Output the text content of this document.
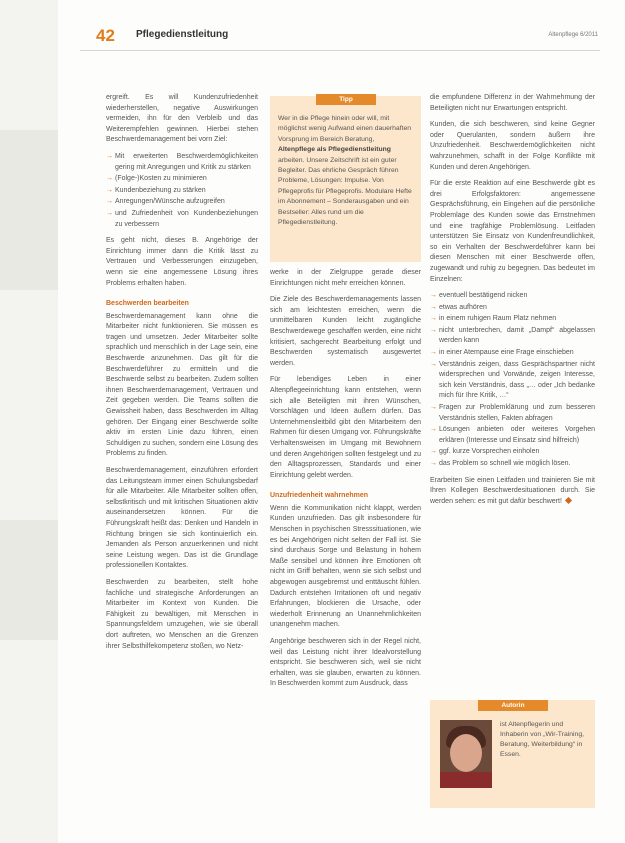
42 Pflegedienstleitung	Altenpflege 6/2011

ergreift. Es will Kundenzufriedenheit wiederherstellen, negative Auswirkungen vermeiden, ihn für den Verbleib und das Weiterempfehlen gewinnen. Hierbei stehen Beschwerdemanagement bei vorn Ziel:

→ Mit erweiterten Beschwerdemöglichkeiten gering mit Anregungen und Kritik zu stärken
→ (Folge-)Kosten zu minimieren
→ Kundenbeziehung zu stärken
→ Anregungen/Wünsche aufzugreifen
→ und Zufriedenheit von Kundenbeziehungen zu verbessern

Es geht nicht, dieses B. Angehörige der Einrichtung immer dann die Kritik lässt zu Vertrauen und Verbesserungen einzugeben, wenn sie eine angemessene Lösung ihres Problems erhalten haben.

Beschwerden bearbeiten

Beschwerdemanagement kann ohne die Mitarbeiter nicht funktionieren. Sie müssen es tragen und umsetzen. Jeder Mitarbeiter sollte sprachlich und menschlich in der Lage sein, eine Beschwerde anzunehmen. Das gilt für die Beschwerdeführer zu ermitteln und die Beschwerde selbst zu bearbeiten. Zudem sollten ihnen Beschwerdemanagement, Vertrauen und Zeit gegeben werden. Die Teams sollten die Gewissheit haben, dass Beschwerden im Alltag gehören. Der Eingang einer Beschwerde sollte aktiv im ersten Linie dazu führen, einen Schuldigen zu suchen, sondern eine Lösung des Problems zu finden.

Beschwerdemanagement, einzuführen erfordert das Leitungsteam immer einen Schulungsbedarf für alle Mitarbeiter. Alle Mitarbeiter sollten offen, selbstkritisch und mit kritischen Situationen aktiv auseinandersetzen können. Für die Führungskraft heißt das: Denken und Handeln in Richtung bringen sie sich kontinuierlich ein. Jemanden als Person anzuerkennen und nicht seine Leistung wegen. Das ist die Grundlage professionellen Kontaktes.

Beschwerden zu bearbeiten, stellt hohe fachliche und strategische Anforderungen an Mitarbeiter im Kontext von Kunden. Die Fähigkeit zu bewältigen, mit Menschen in Spannungsfeldern umzugehen, wie sie überall dort auftreten, wo Menschen an die Grenzen ihrer Selbsthilfekompetenz stoßen, wo Netz-

Tipp
Wer in die Pflege hinein oder will, mit möglichst wenig Aufwand einen dauerhaften Vorsprung im Bereich Beratung, Altenpflege als Pflegedienstleitung arbeiten. Unsere Zeitschrift ist ein guter Begleiter. Das ehrliche Gespräch führen Probleme, Lösungen: Impulse. Von Pflegeprofis für Pflegeprofis. Modulare Hefte im Abonnement – Sonderausgaben und ein Bestseller: Alles rund um die Pflegedienstleitung.

werke in der Zielgruppe gerade dieser Einrichtungen nicht mehr erreichen können.

Die Ziele des Beschwerdemanagements lassen sich am leichtesten erreichen, wenn die unmittelbaren Kunden leicht zugängliche Beschwerdewege geschaffen werden, eine nicht kritisiert, sachgerecht Bearbeitung erfolgt und Beschwerden systematisch ausgewertet werden.

Für lebendiges Leben in einer Altenpflegeeinrichtung kann entstehen, wenn sich alle Beteiligten mit ihren Wünschen, Vorschlägen und Ideen äußern dürfen. Das Unternehmensleitbild gibt den Mitarbeitern den Rahmen für diesen Umgang vor. Führungskräfte Verhaltensweisen im Umgang mit Bewohnern und deren Angehörigen sollten festgelegt und zu den Alltagsprozessen, Standards und einer Einrichtung gelebt werden.

Unzufriedenheit wahrnehmen

Wenn die Kommunikation nicht klappt, werden Kunden unzufrieden. Das gilt insbesondere für Menschen in psychischen Stresssituationen, wie es bei Angehörigen nicht selten der Fall ist. Sie sind durchaus Sorge und Belastung in hohem Maße sensibel und können ihre Emotionen oft nicht im Griff behalten, wenn sie sich selbst und abgewogen ausgebremst und enttäuscht fühlen. Dadurch entstehen Irritationen oft und negativ Erfahrungen, blockieren die Ursache, oder wiederholt Erinnerung an Unannehmlichkeiten unangenehm machen.

Angehörige beschweren sich in der Regel nicht, weil das Leistung nicht ihrer Idealvorstellung entspricht. Sie beschweren sich, weil sie nicht erhalten, was sie glauben, erwarten zu können. In Beschwerden kommt zum Ausdruck, dass

die empfundene Differenz in der Wahrnehmung der Beteiligten nicht nur Erwartungen entspricht.

Kunden, die sich beschweren, sind keine Gegner oder Querulanten, sondern äußern ihre Unzufriedenheit. Beschwerdemöglichkeiten nicht wahrzunehmen, schafft in der Folge Konflikte mit Kunden und deren Angehörigen.

Für die erste Reaktion auf eine Beschwerde gibt es drei Erfolgsfaktoren: angemessene Gesprächsführung, ein Eingehen auf die persönliche Problemlage des Kunden sowie das Ernstnehmen und eine tragfähige Problemlösung. Leitfaden unterstützen Sie Einsatz von Kundenfreundlichkeit, so ein Verhalten der Beschwerdeführer kann bei diesen Menschen mit einer Beschwerde offen, zugewandt und ruhig zu begegnen. Das bedeutet im Einzelnen:

→ eventuell bestätigend nicken
→ etwas aufhören
→ in einem ruhigen Raum Platz nehmen
→ nicht unterbrechen, damit „Dampf“ abgelassen werden kann
→ in einer Atempause eine Frage einschieben
→ Verständnis zeigen, dass Gesprächspartner nicht widersprechen und Vorwände, zeigen Interesse, sich kein Verständnis, dass „… oder „Ich bedanke mich für Ihre Kritik, …“
→ Fragen zur Problemklärung und zum besseren Verständnis stellen, Fakten abfragen
→ Lösungen anbieten oder weiteres Vorgehen erklären (Interesse und Einsatz sind hilfreich)
→ ggf. kurze Vorsprechen einholen
→ das Problem so schnell wie möglich lösen.

Erarbeiten Sie einen Leitfaden und trainieren Sie mit Ihren Kollegen Beschwerdesituationen durch. Sie werden sehen: es mit gut dafür beschwert!

Autorin
ist Altenpflegerin und Inhaberin von „Wir-Training, Beratung, Weiterbildung“ in Essen.
